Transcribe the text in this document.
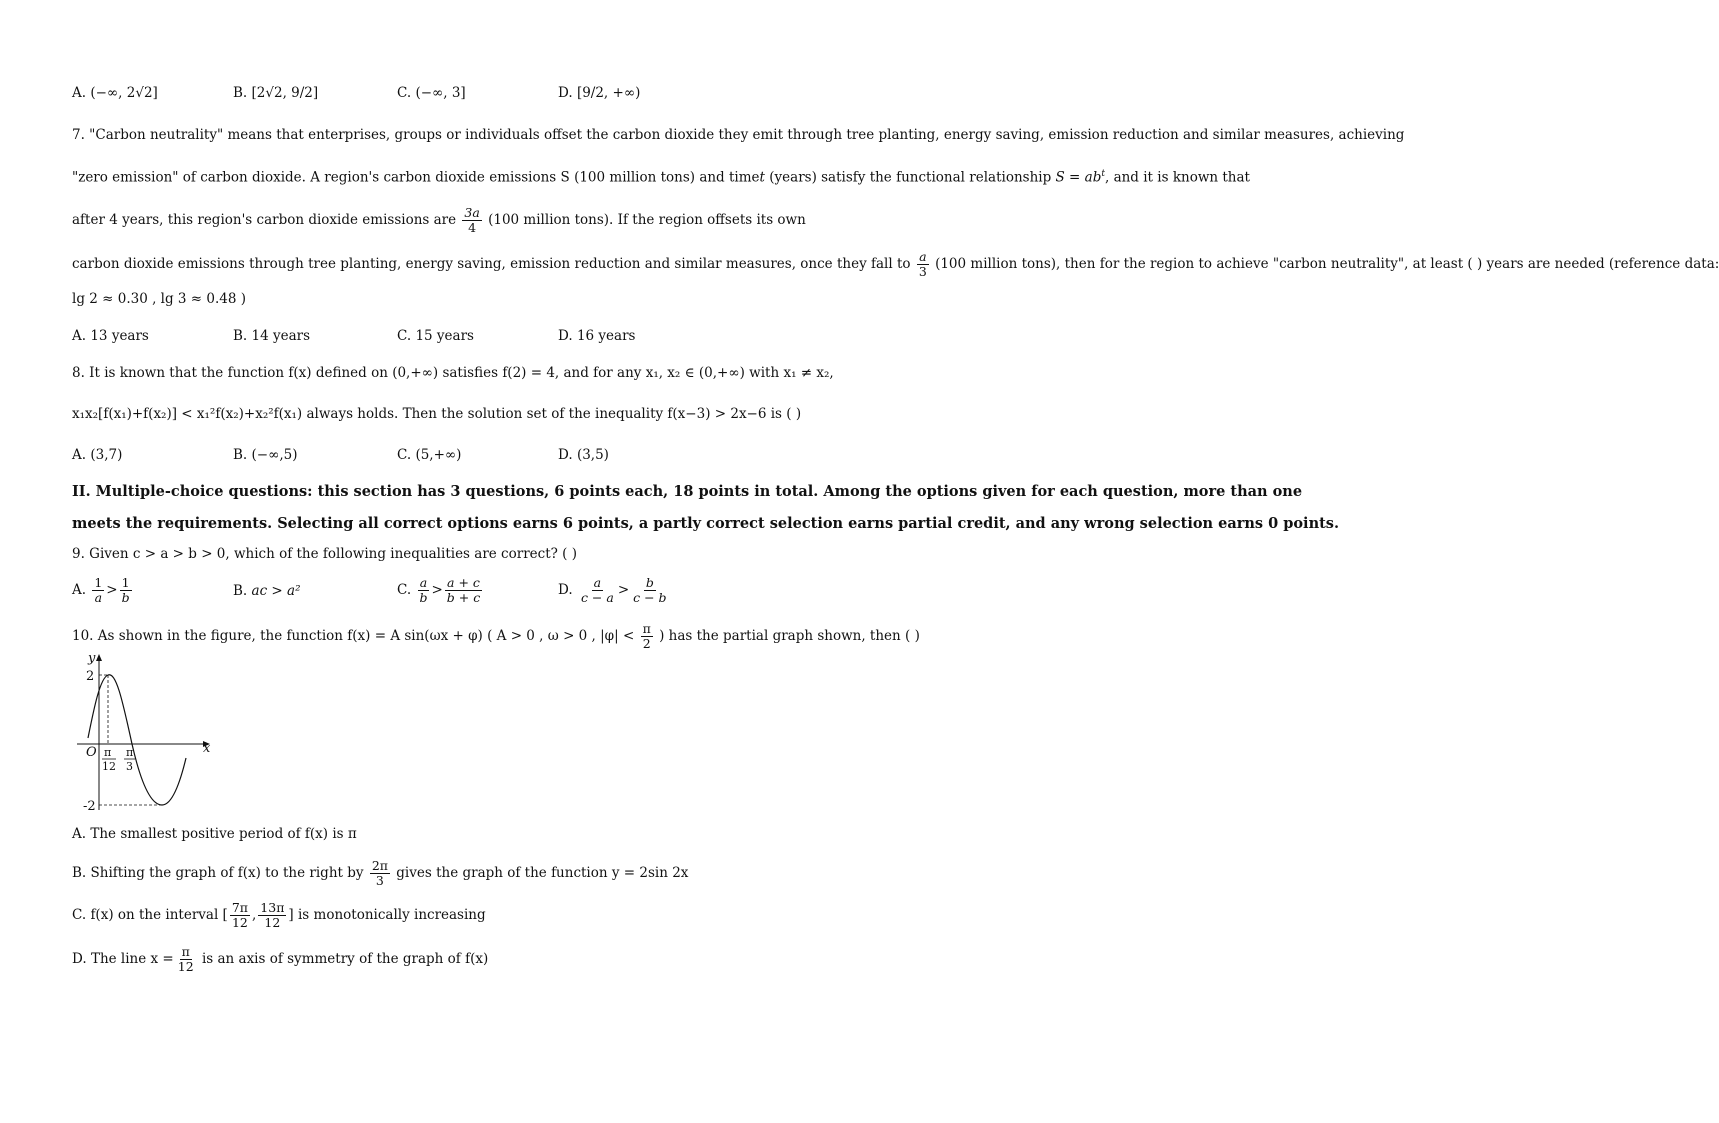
A. (−∞, 2√2]	B. [2√2, 9/2]	C. (−∞, 3]	D. [9/2, +∞)
7. "Carbon neutrality" means that enterprises, groups or individuals offset the carbon dioxide they emit through tree planting, energy saving, emission reduction and similar measures, achieving
"zero emission" of carbon dioxide. A region's carbon dioxide emissions S (100 million tons) and timet (years) satisfy the functional relationship $S = ab^t$, and it is known that
after 4 years, this region's carbon dioxide emissions are $\frac{3a}{4} (100$ million tons). If the region offsets its own
carbon dioxide emissions through tree planting, energy saving, emission reduction and similar measures, once they fall to $\frac{a}{3} (100$ million tons), then for the region to achieve "carbon neutrality", at least ( ) years are needed (reference data:
lg 2 ≈ 0.30 , lg 3 ≈ 0.48 )
A. 13 years	B. 14 years	C. 15 years	D. 16 years
8. It is known that the function f(x) defined on (0,+∞) satisfies f(2) = 4, and for any x₁, x₂ ∈ (0,+∞) with x₁ ≠ x₂,
x₁x₂[f(x₁)+f(x₂)] < x₁²f(x₂)+x₂²f(x₁) always holds. Then the solution set of the inequality f(x−3) > 2x−6 is ( )
A. (3,7)	B. (−∞,5)	C. (5,+∞)	D. (3,5)
II. Multiple-choice questions: this section has 3 questions, 6 points each, 18 points in total. Among the options given for each question, more than one
meets the requirements. Selecting all correct options earns 6 points, a partly correct selection earns partial credit, and any wrong selection earns 0 points.
9. Given c > a > b > 0, which of the following inequalities are correct? ( )
A. $\frac{1}{a} > \frac{1}{b}$	B. ac > a²	C. $\frac{a}{b} > \frac{a + c}{b + c}$	D. $\frac{a}{c - a} > \frac{b}{c - b}$
10. As shown in the figure, the function f(x) = A sin(ωx + φ) ( A > 0 , ω > 0 , $|\varphi| < \frac{\pi}{2}$ ) has the partial graph shown, then ( )
y
x
O
2
-2
π
12
π
3
A. The smallest positive period of f(x) is π
B. Shifting the graph of f(x) to the right by $\frac{2\pi}{3}$ gives the graph of the function y = 2sin 2x
C. f(x) on the interval [ $\frac{7\pi}{12}$ , $\frac{13\pi}{12}$ ] is monotonically increasing
D. The line $x = \frac{\pi}{12}$ is an axis of symmetry of the graph of f(x)
